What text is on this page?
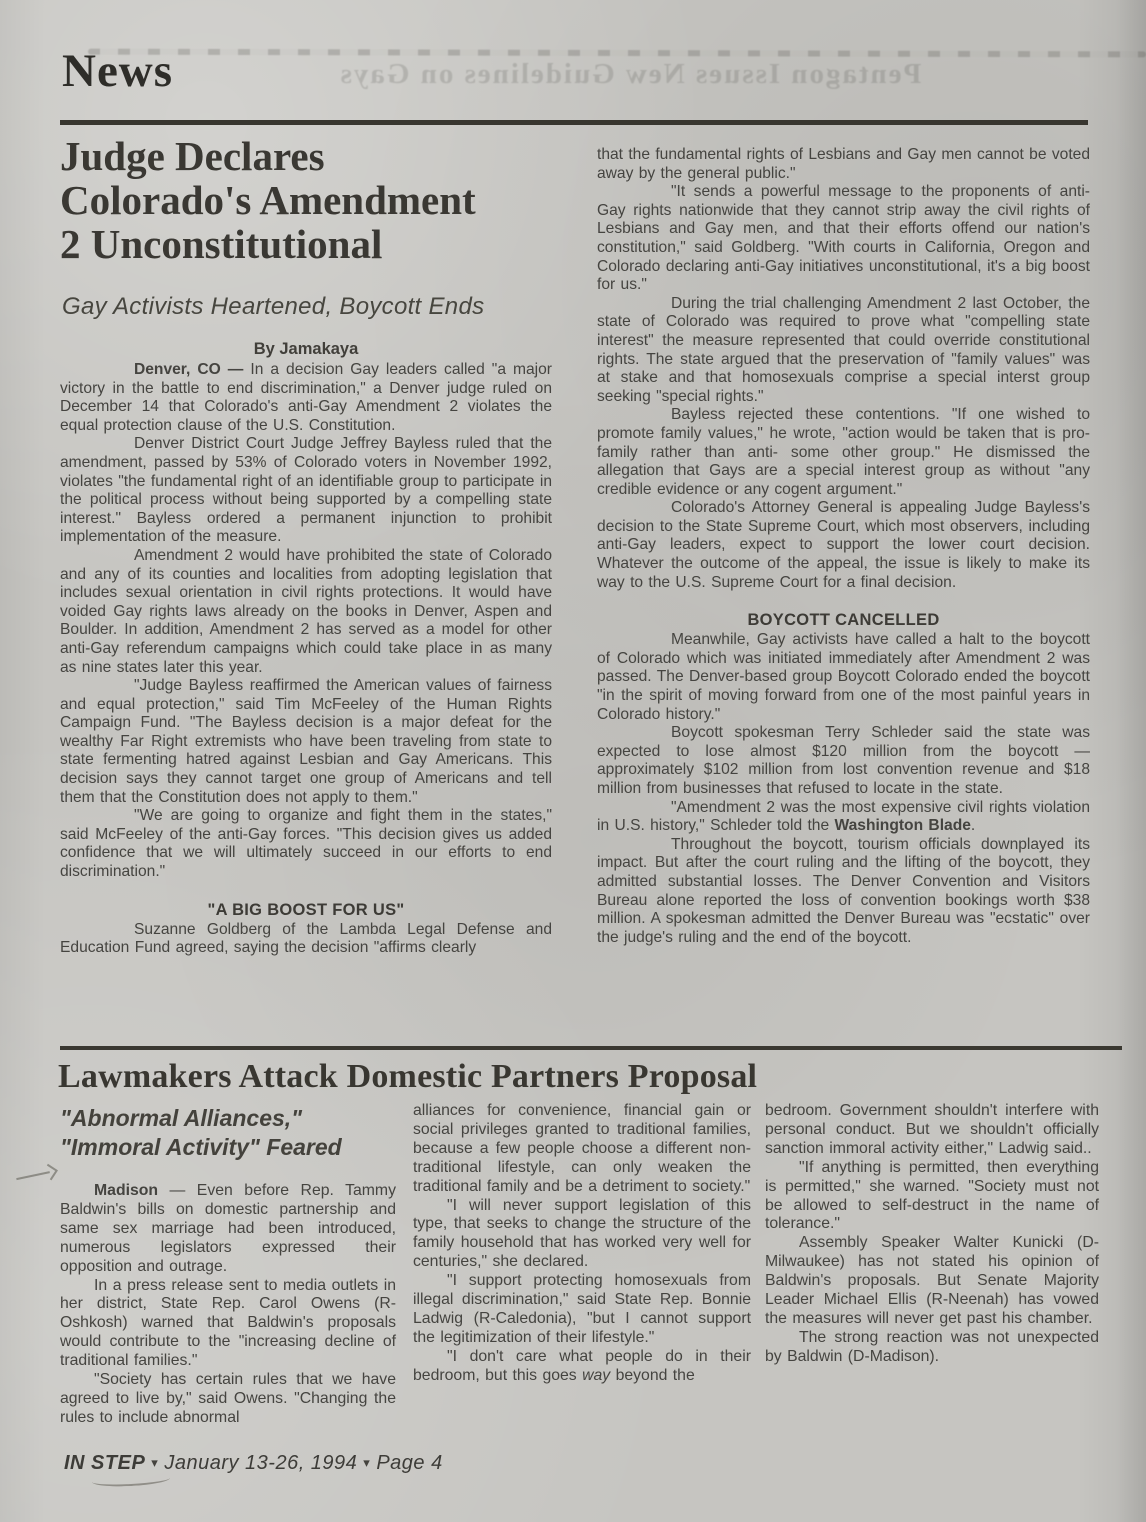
Pentagon Issues New Guidelines on Gays
News
Judge Declares
Colorado's Amendment
2 Unconstitutional
Gay Activists Heartened, Boycott Ends
By Jamakaya

Denver, CO — In a decision Gay leaders called "a major victory in the battle to end discrimination," a Denver judge ruled on December 14 that Colorado's anti-Gay Amendment 2 violates the equal protection clause of the U.S. Constitution.

Denver District Court Judge Jeffrey Bayless ruled that the amendment, passed by 53% of Colorado voters in November 1992, violates "the fundamental right of an identifiable group to participate in the political process without being supported by a compelling state interest." Bayless ordered a permanent injunction to prohibit implementation of the measure.

Amendment 2 would have prohibited the state of Colorado and any of its counties and localities from adopting legislation that includes sexual orientation in civil rights protections. It would have voided Gay rights laws already on the books in Denver, Aspen and Boulder. In addition, Amendment 2 has served as a model for other anti-Gay referendum campaigns which could take place in as many as nine states later this year.

"Judge Bayless reaffirmed the American values of fairness and equal protection," said Tim McFeeley of the Human Rights Campaign Fund. "The Bayless decision is a major defeat for the wealthy Far Right extremists who have been traveling from state to state fermenting hatred against Lesbian and Gay Americans. This decision says they cannot target one group of Americans and tell them that the Constitution does not apply to them."

"We are going to organize and fight them in the states," said McFeeley of the anti-Gay forces. "This decision gives us added confidence that we will ultimately succeed in our efforts to end discrimination."

"A BIG BOOST FOR US"

Suzanne Goldberg of the Lambda Legal Defense and Education Fund agreed, saying the decision "affirms clearly

that the fundamental rights of Lesbians and Gay men cannot be voted away by the general public."

"It sends a powerful message to the proponents of anti-Gay rights nationwide that they cannot strip away the civil rights of Lesbians and Gay men, and that their efforts offend our nation's constitution," said Goldberg. "With courts in California, Oregon and Colorado declaring anti-Gay initiatives unconstitutional, it's a big boost for us."

During the trial challenging Amendment 2 last October, the state of Colorado was required to prove what "compelling state interest" the measure represented that could override constitutional rights. The state argued that the preservation of "family values" was at stake and that homosexuals comprise a special interst group seeking "special rights."

Bayless rejected these contentions. "If one wished to promote family values," he wrote, "action would be taken that is pro- family rather than anti- some other group." He dismissed the allegation that Gays are a special interest group as without "any credible evidence or any cogent argument."

Colorado's Attorney General is appealing Judge Bayless's decision to the State Supreme Court, which most observers, including anti-Gay leaders, expect to support the lower court decision. Whatever the outcome of the appeal, the issue is likely to make its way to the U.S. Supreme Court for a final decision.

BOYCOTT CANCELLED

Meanwhile, Gay activists have called a halt to the boycott of Colorado which was initiated immediately after Amendment 2 was passed. The Denver-based group Boycott Colorado ended the boycott "in the spirit of moving forward from one of the most painful years in Colorado history."

Boycott spokesman Terry Schleder said the state was expected to lose almost $120 million from the boycott — approximately $102 million from lost convention revenue and $18 million from businesses that refused to locate in the state.

"Amendment 2 was the most expensive civil rights violation in U.S. history," Schleder told the Washington Blade.

Throughout the boycott, tourism officials downplayed its impact. But after the court ruling and the lifting of the boycott, they admitted substantial losses. The Denver Convention and Visitors Bureau alone reported the loss of convention bookings worth $38 million. A spokesman admitted the Denver Bureau was "ecstatic" over the judge's ruling and the end of the boycott.

Lawmakers Attack Domestic Partners Proposal
"Abnormal Alliances,"
"Immoral Activity" Feared

Madison — Even before Rep. Tammy Baldwin's bills on domestic partnership and same sex marriage had been introduced, numerous legislators expressed their opposition and outrage.

In a press release sent to media outlets in her district, State Rep. Carol Owens (R-Oshkosh) warned that Baldwin's proposals would contribute to the "increasing decline of traditional families."

"Society has certain rules that we have agreed to live by," said Owens. "Changing the rules to include abnormal

alliances for convenience, financial gain or social privileges granted to traditional families, because a few people choose a different non-traditional lifestyle, can only weaken the traditional family and be a detriment to society."

"I will never support legislation of this type, that seeks to change the structure of the family household that has worked very well for centuries," she declared.

"I support protecting homosexuals from illegal discrimination," said State Rep. Bonnie Ladwig (R-Caledonia), "but I cannot support the legitimization of their lifestyle."

"I don't care what people do in their bedroom, but this goes way beyond the

bedroom. Government shouldn't interfere with personal conduct. But we shouldn't officially sanction immoral activity either," Ladwig said..

"If anything is permitted, then everything is permitted," she warned. "Society must not be allowed to self-destruct in the name of tolerance."

Assembly Speaker Walter Kunicki (D-Milwaukee) has not stated his opinion of Baldwin's proposals. But Senate Majority Leader Michael Ellis (R-Neenah) has vowed the measures will never get past his chamber.

The strong reaction was not unexpected by Baldwin (D-Madison).

IN STEP ▾ January 13-26, 1994 ▾ Page 4
